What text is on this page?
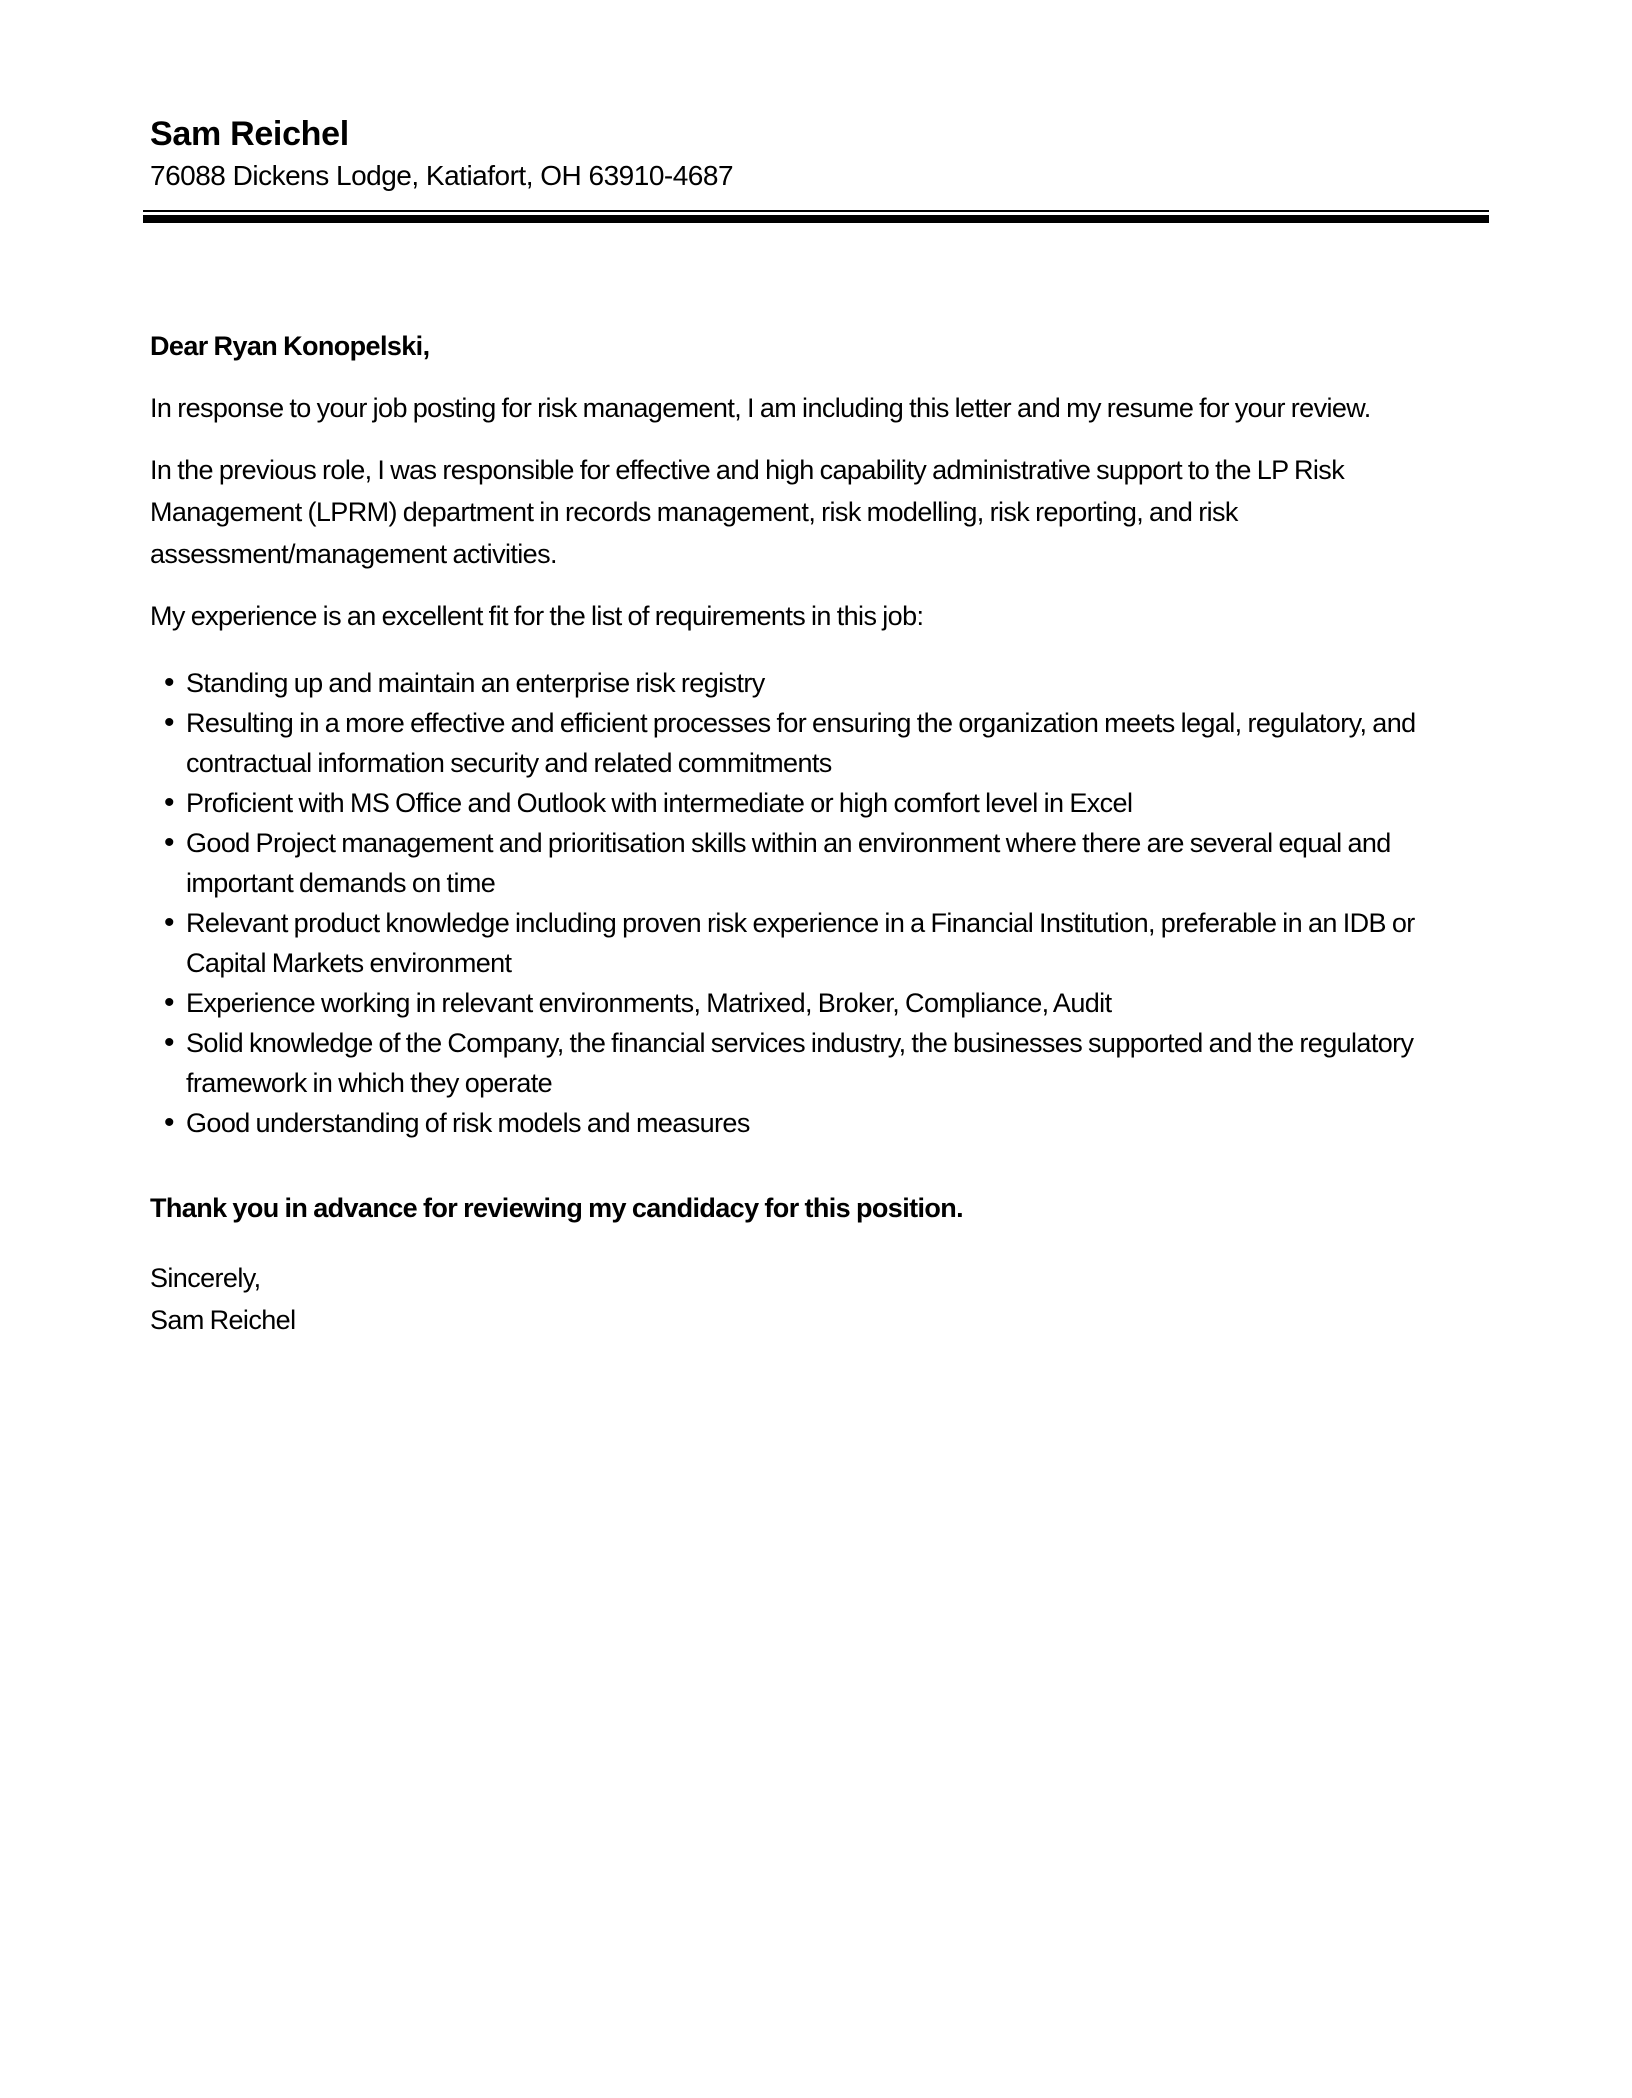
Sam Reichel
76088 Dickens Lodge, Katiafort, OH 63910-4687

Dear Ryan Konopelski,

In response to your job posting for risk management, I am including this letter and my resume for your review.

In the previous role, I was responsible for effective and high capability administrative support to the LP Risk Management (LPRM) department in records management, risk modelling, risk reporting, and risk assessment/management activities.

My experience is an excellent fit for the list of requirements in this job:

• Standing up and maintain an enterprise risk registry
• Resulting in a more effective and efficient processes for ensuring the organization meets legal, regulatory, and contractual information security and related commitments
• Proficient with MS Office and Outlook with intermediate or high comfort level in Excel
• Good Project management and prioritisation skills within an environment where there are several equal and important demands on time
• Relevant product knowledge including proven risk experience in a Financial Institution, preferable in an IDB or Capital Markets environment
• Experience working in relevant environments, Matrixed, Broker, Compliance, Audit
• Solid knowledge of the Company, the financial services industry, the businesses supported and the regulatory framework in which they operate
• Good understanding of risk models and measures

Thank you in advance for reviewing my candidacy for this position.

Sincerely,

Sam Reichel
